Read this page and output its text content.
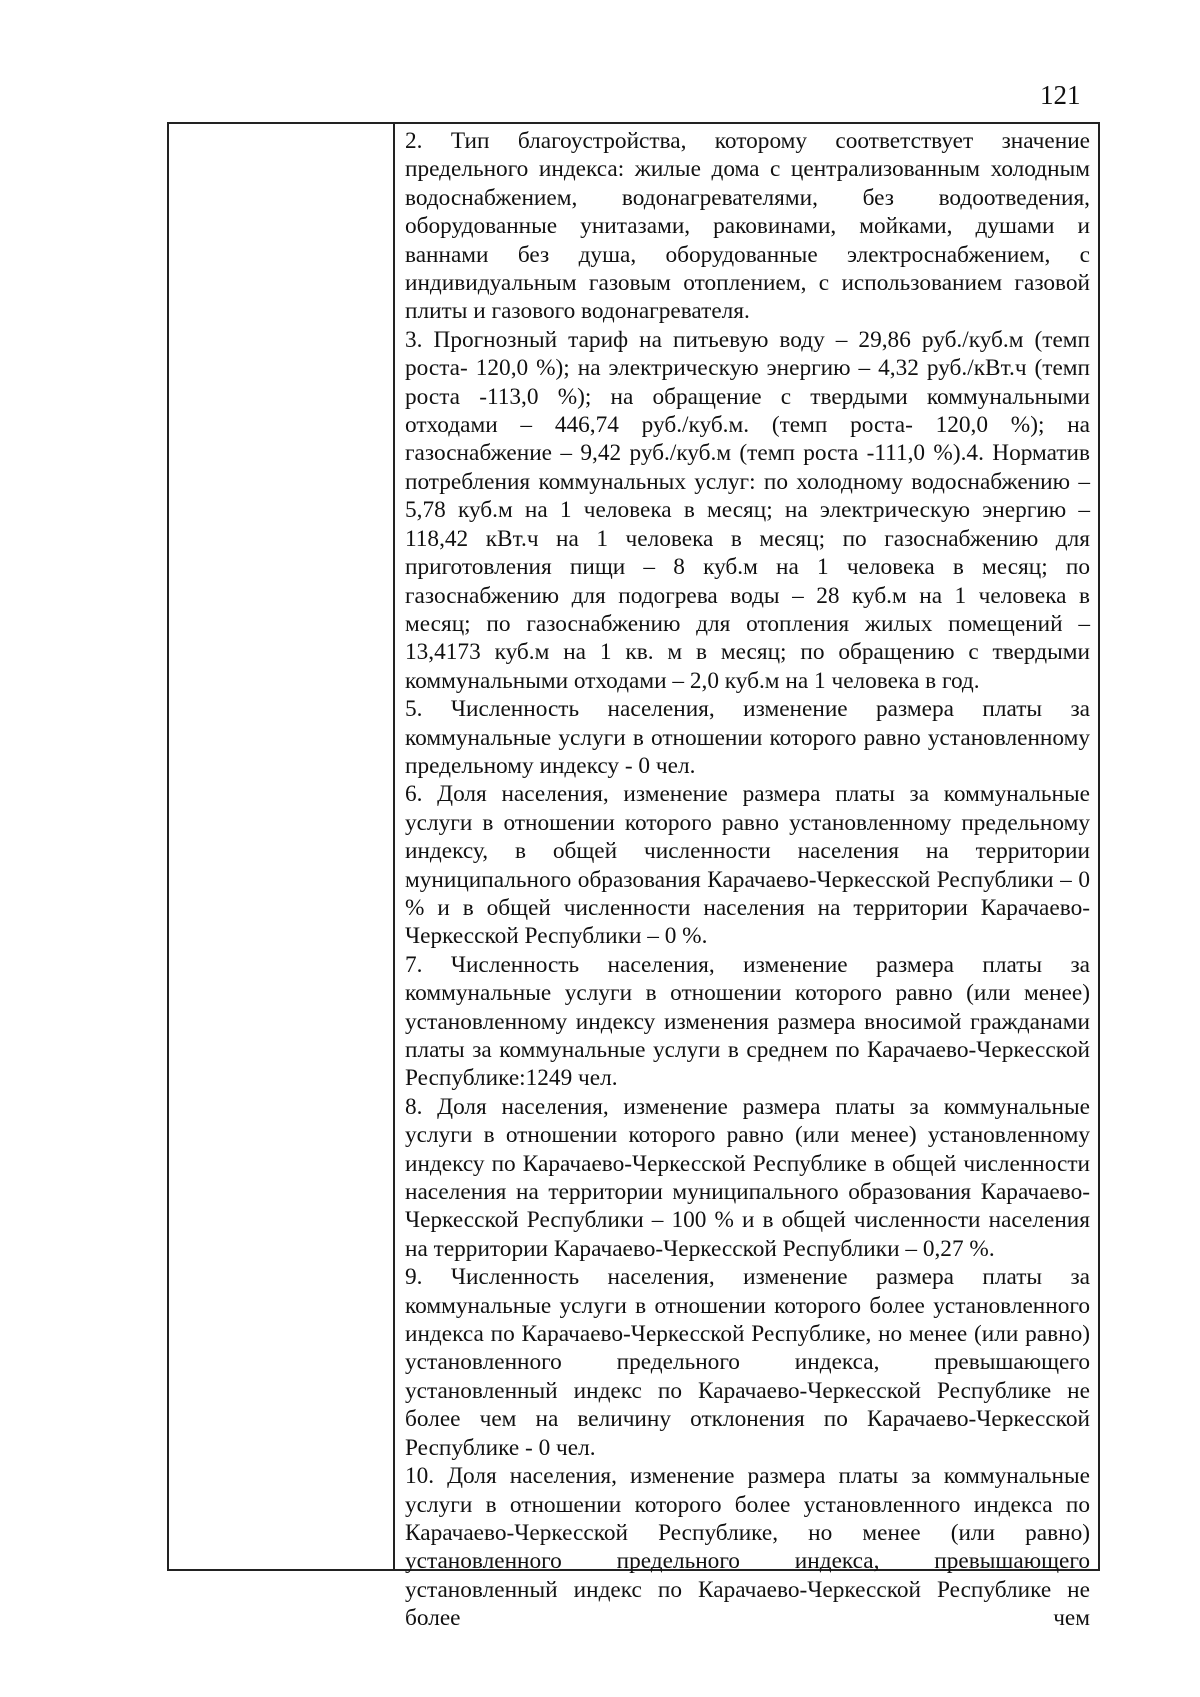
121

2. Тип благоустройства, которому соответствует значение предельного индекса: жилые дома с централизованным холодным водоснабжением, водонагревателями, без водоотведения, оборудованные унитазами, раковинами, мойками, душами и ваннами без душа, оборудованные электроснабжением, с индивидуальным газовым отоплением, с использованием газовой плиты и газового водонагревателя.

3. Прогнозный тариф на питьевую воду – 29,86 руб./куб.м (темп роста- 120,0 %); на электрическую энергию – 4,32 руб./кВт.ч (темп роста -113,0 %); на обращение с твердыми коммунальными отходами – 446,74 руб./куб.м. (темп роста- 120,0 %); на газоснабжение – 9,42 руб./куб.м (темп роста -111,0 %).4. Норматив потребления коммунальных услуг: по холодному водоснабжению – 5,78 куб.м на 1 человека в месяц; на электрическую энергию – 118,42 кВт.ч на 1 человека в месяц; по газоснабжению для приготовления пищи – 8 куб.м на 1 человека в месяц; по газоснабжению для подогрева воды – 28 куб.м на 1 человека в месяц; по газоснабжению для отопления жилых помещений – 13,4173 куб.м на 1 кв. м в месяц; по обращению с твердыми коммунальными отходами – 2,0 куб.м на 1 человека в год.

5. Численность населения, изменение размера платы за коммунальные услуги в отношении которого равно установленному предельному индексу - 0 чел.

6. Доля населения, изменение размера платы за коммунальные услуги в отношении которого равно установленному предельному индексу, в общей численности населения на территории муниципального образования Карачаево-Черкесской Республики – 0 % и в общей численности населения на территории Карачаево-Черкесской Республики – 0 %.

7. Численность населения, изменение размера платы за коммунальные услуги в отношении которого равно (или менее) установленному индексу изменения размера вносимой гражданами платы за коммунальные услуги в среднем по Карачаево-Черкесской Республике:1249 чел.

8. Доля населения, изменение размера платы за коммунальные услуги в отношении которого равно (или менее) установленному индексу по Карачаево-Черкесской Республике в общей численности населения на территории муниципального образования Карачаево-Черкесской Республики – 100 % и в общей численности населения на территории Карачаево-Черкесской Республики – 0,27 %.

9. Численность населения, изменение размера платы за коммунальные услуги в отношении которого более установленного индекса по Карачаево-Черкесской Республике, но менее (или равно) установленного предельного индекса, превышающего установленный индекс по Карачаево-Черкесской Республике не более чем на величину отклонения по Карачаево-Черкесской Республике - 0 чел.

10. Доля населения, изменение размера платы за коммунальные услуги в отношении которого более установленного индекса по Карачаево-Черкесской Республике, но менее (или равно) установленного предельного индекса, превышающего установленный индекс по Карачаево-Черкесской Республике не более чем
